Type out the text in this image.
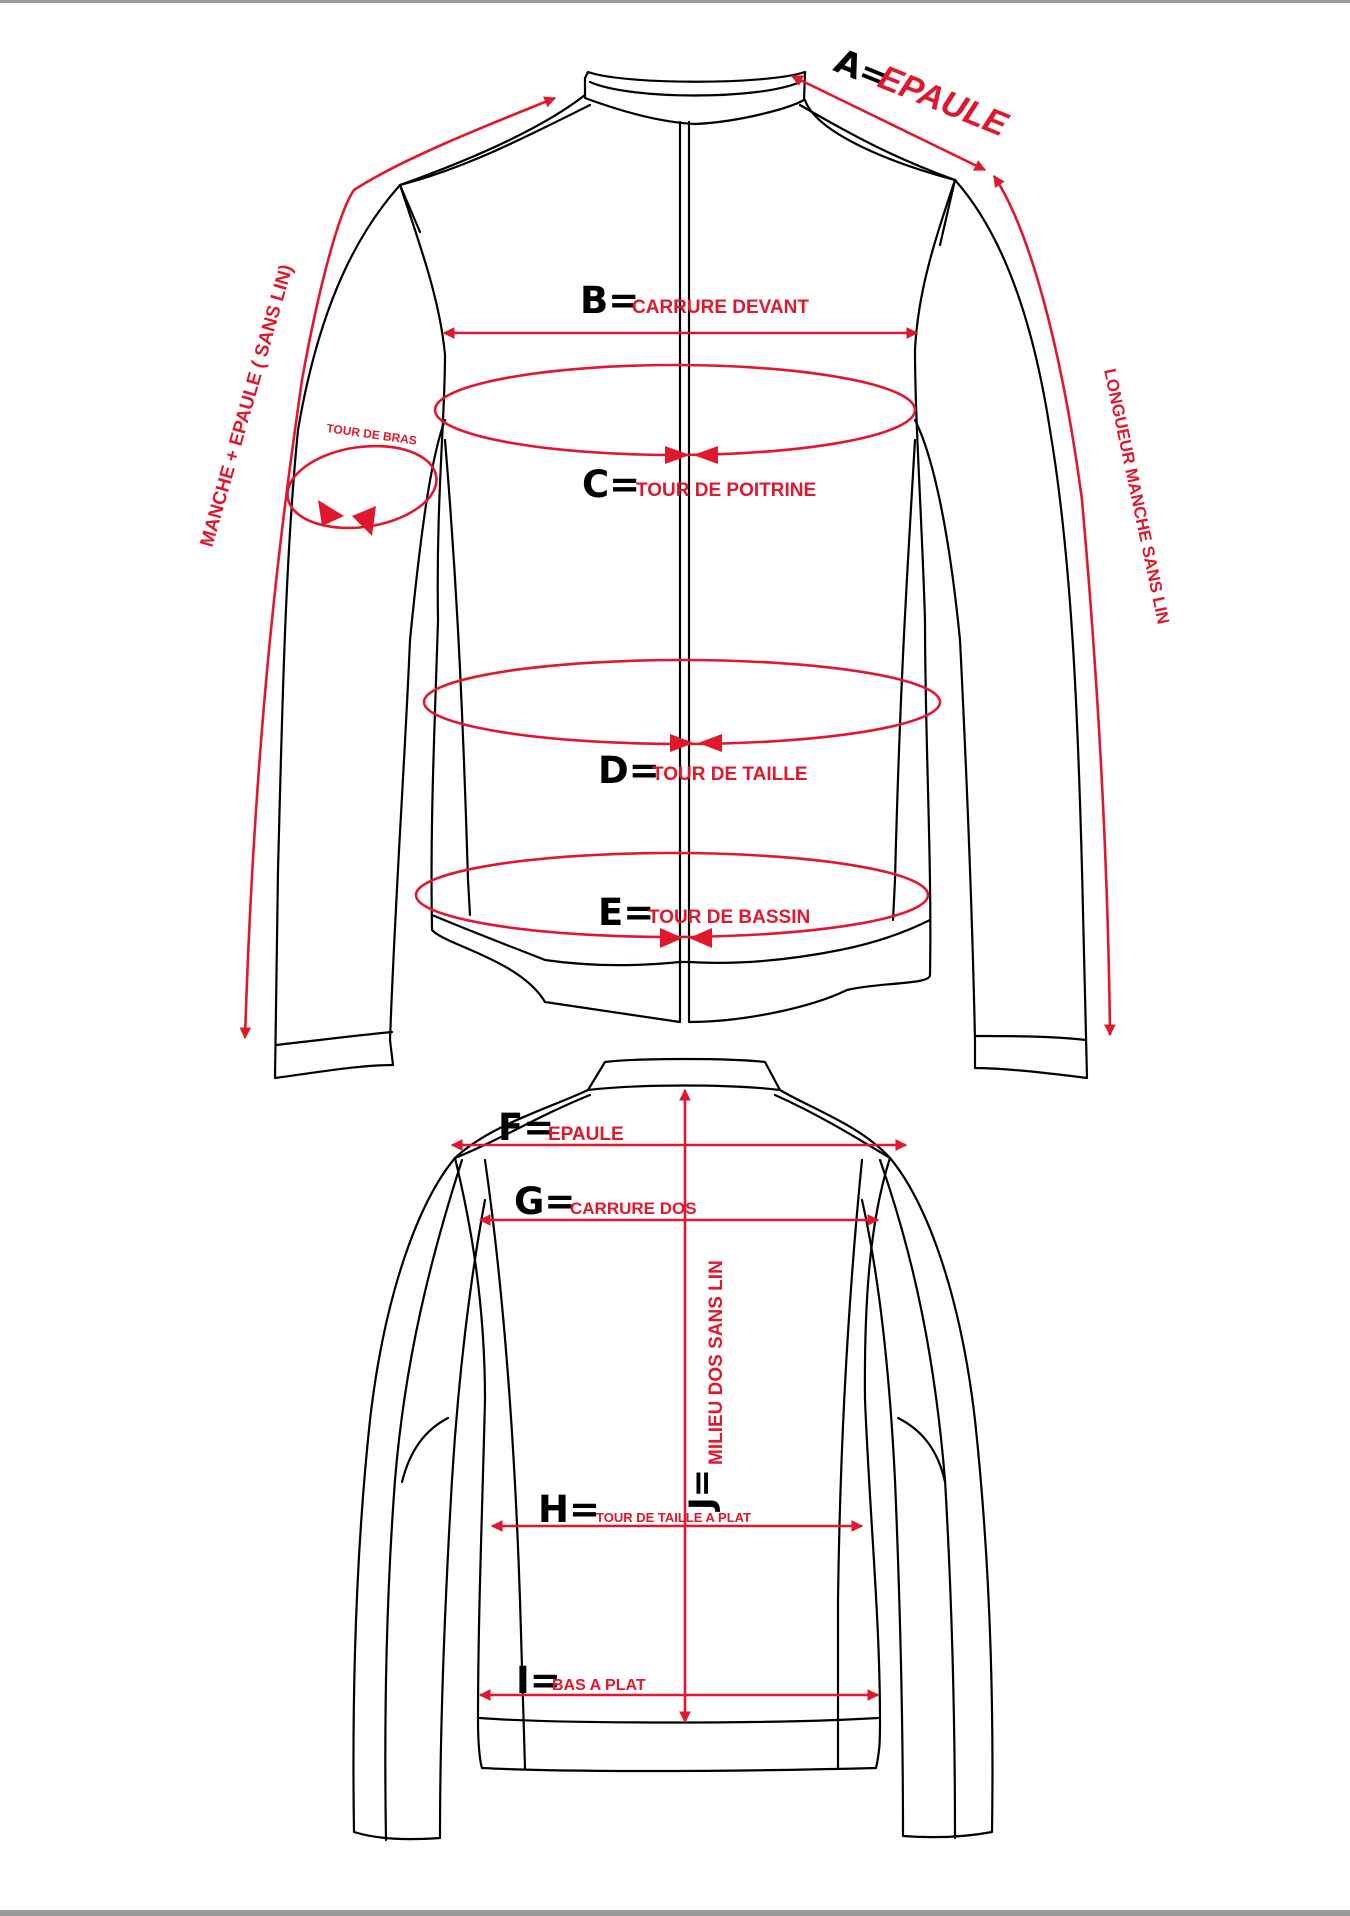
A=
EPAULE
B=
CARRURE DEVANT
C=
TOUR DE POITRINE
D=
TOUR DE TAILLE
E=
TOUR DE BASSIN
TOUR DE BRAS
MANCHE + EPAULE ( SANS LIN)	LONGUEUR MANCHE SANS LIN
F=
EPAULE
G=
CARRURE DOS
H=
TOUR DE TAILLE A PLAT
I=
BAS A PLAT
J=
MILIEU DOS SANS LIN
